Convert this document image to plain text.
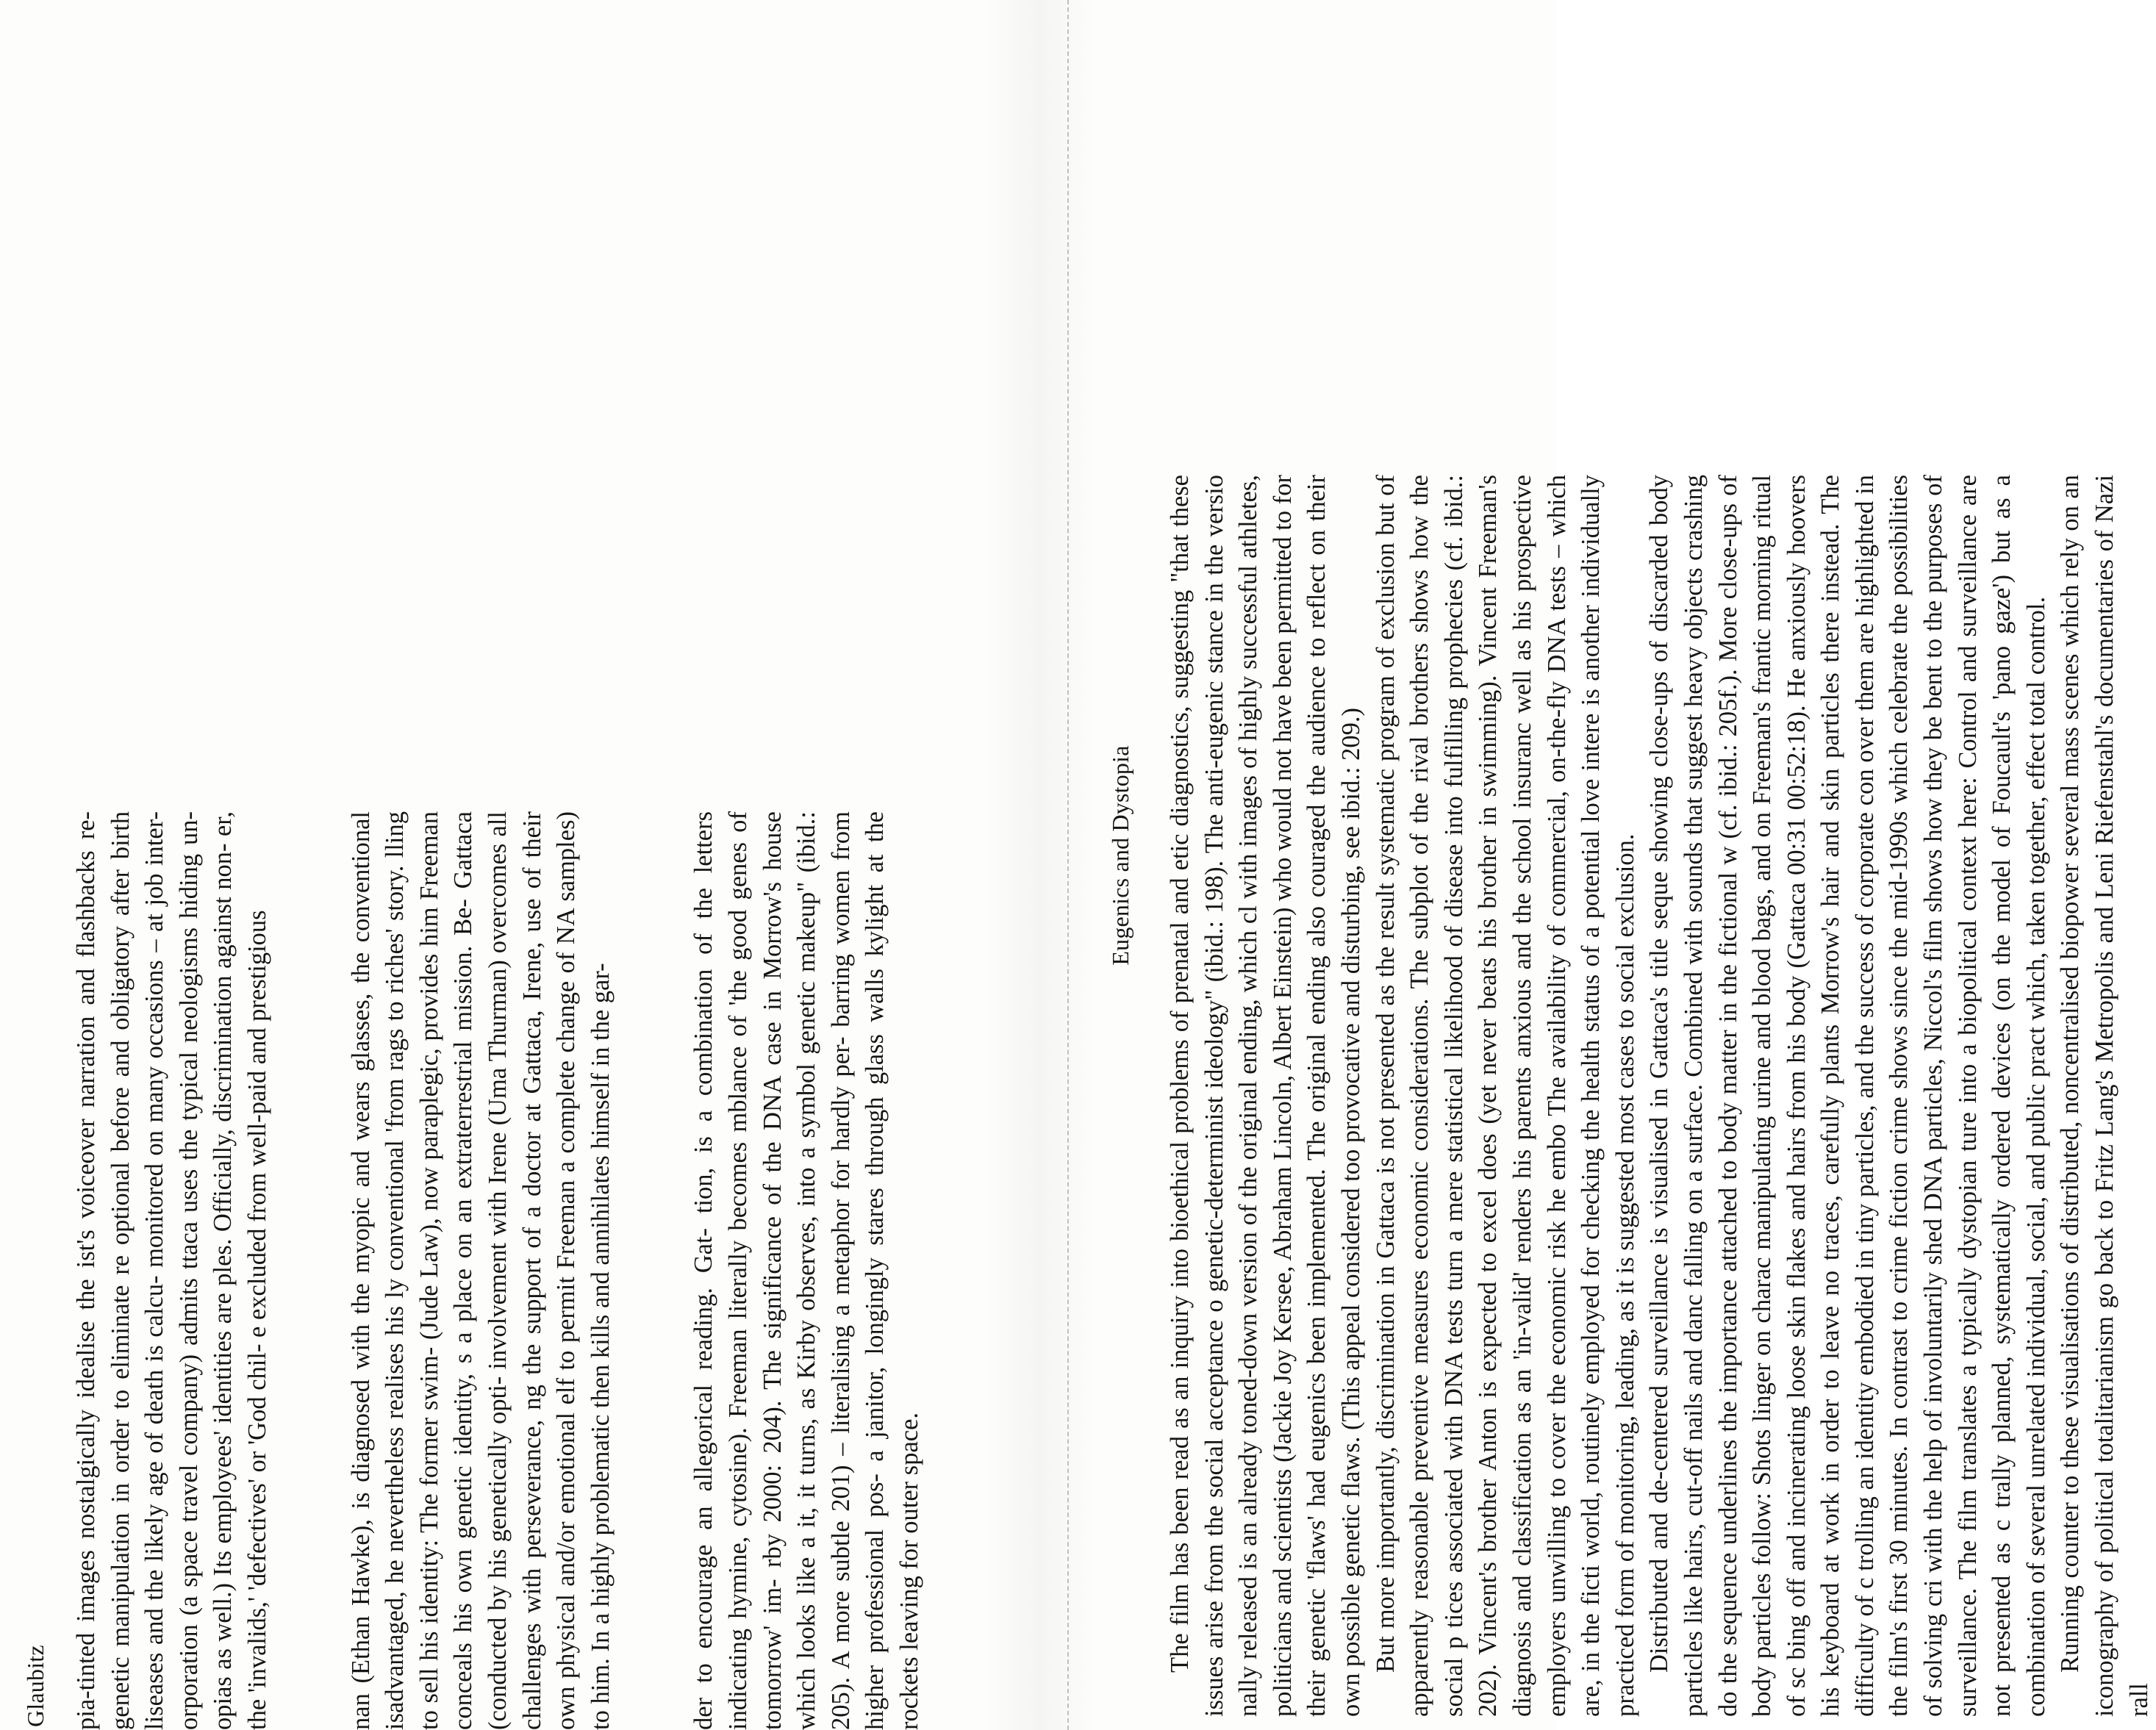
Glaubitz pia-tinted images nostalgically idealise the ist's voiceover narration and flashbacks re- genetic manipulation in order to eliminate re optional before and obligatory after birth liseases and the likely age of death is calcu- monitored on many occasions – at job inter- orporation (a space travel company) admits ttaca uses the typical neologisms hiding un- opias as well.) Its employees' identities are ples. Officially, discrimination against non- er, the 'invalids,' 'defectives' or 'God chil- e excluded from well-paid and prestigious	nan (Ethan Hawke), is diagnosed with the myopic and wears glasses, the conventional isadvantaged, he nevertheless realises his ly conventional 'from rags to riches' story. lling to sell his identity: The former swim- (Jude Law), now paraplegic, provides him Freeman conceals his own genetic identity, s a place on an extraterrestrial mission. Be- Gattaca (conducted by his genetically opti- involvement with Irene (Uma Thurman) overcomes all challenges with perseverance, ng the support of a doctor at Gattaca, Irene, use of their own physical and/or emotional elf to permit Freeman a complete change of NA samples) to him. In a highly problematic then kills and annihilates himself in the gar-	der to encourage an allegorical reading. Gat- tion, is a combination of the letters indicating hymine, cytosine). Freeman literally becomes mblance of 'the good genes of tomorrow' im- rby 2000: 204). The significance of the DNA case in Morrow's house which looks like a it, it turns, as Kirby observes, into a symbol genetic makeup" (ibid.: 205). A more subtle 201) – literalising a metaphor for hardly per- barring women from higher professional pos- a janitor, longingly stares through glass walls kylight at the rockets leaving for outer space.

Eugenics and Dystopia The film has been read as an inquiry into bioethical problems of prenatal and etic diagnostics, suggesting "that these issues arise from the social acceptance o genetic-determinist ideology" (ibid.: 198). The anti-eugenic stance in the versio nally released is an already toned-down version of the original ending, which cl with images of highly successful athletes, politicians and scientists (Jackie Joy Kersee, Abraham Lincoln, Albert Einstein) who would not have been permitted to for their genetic 'flaws' had eugenics been implemented. The original ending also couraged the audience to reflect on their own possible genetic flaws. (This appeal considered too provocative and disturbing, see ibid.: 209.) But more importantly, discrimination in Gattaca is not presented as the result systematic program of exclusion but of apparently reasonable preventive measures economic considerations. The subplot of the rival brothers shows how the social p tices associated with DNA tests turn a mere statistical likelihood of disease into fulfilling prophecies (cf. ibid.: 202). Vincent's brother Anton is expected to excel does (yet never beats his brother in swimming). Vincent Freeman's diagnosis and classification as an 'in-valid' renders his parents anxious and the school insuranc well as his prospective employers unwilling to cover the economic risk he embo The availability of commercial, on-the-fly DNA tests – which are, in the ficti world, routinely employed for checking the health status of a potential love intere is another individually practiced form of monitoring, leading, as it is suggested most cases to social exclusion. Distributed and de-centered surveillance is visualised in Gattaca's title seque showing close-ups of discarded body particles like hairs, cut-off nails and danc falling on a surface. Combined with sounds that suggest heavy objects crashing do the sequence underlines the importance attached to body matter in the fictional w (cf. ibid.: 205f.). More close-ups of body particles follow: Shots linger on charac manipulating urine and blood bags, and on Freeman's frantic morning ritual of sc bing off and incinerating loose skin flakes and hairs from his body (Gattaca 00:31 00:52:18). He anxiously hoovers his keyboard at work in order to leave no traces, carefully plants Morrow's hair and skin particles there instead. The difficulty of c trolling an identity embodied in tiny particles, and the success of corporate con over them are highlighted in the film's first 30 minutes. In contrast to crime fiction crime shows since the mid-1990s which celebrate the possibilities of solving cri with the help of involuntarily shed DNA particles, Niccol's film shows how they be bent to the purposes of surveillance. The film translates a typically dystopian ture into a biopolitical context here: Control and surveillance are not presented as c trally planned, systematically ordered devices (on the model of Foucault's 'pano gaze') but as a combination of several unrelated individual, social, and public pract which, taken together, effect total control. Running counter to these visualisations of distributed, noncentralised biopower several mass scenes which rely on an iconography of political totalitarianism go back to Fritz Lang's Metropolis and Leni Riefenstahl's documentaries of Nazi rall
